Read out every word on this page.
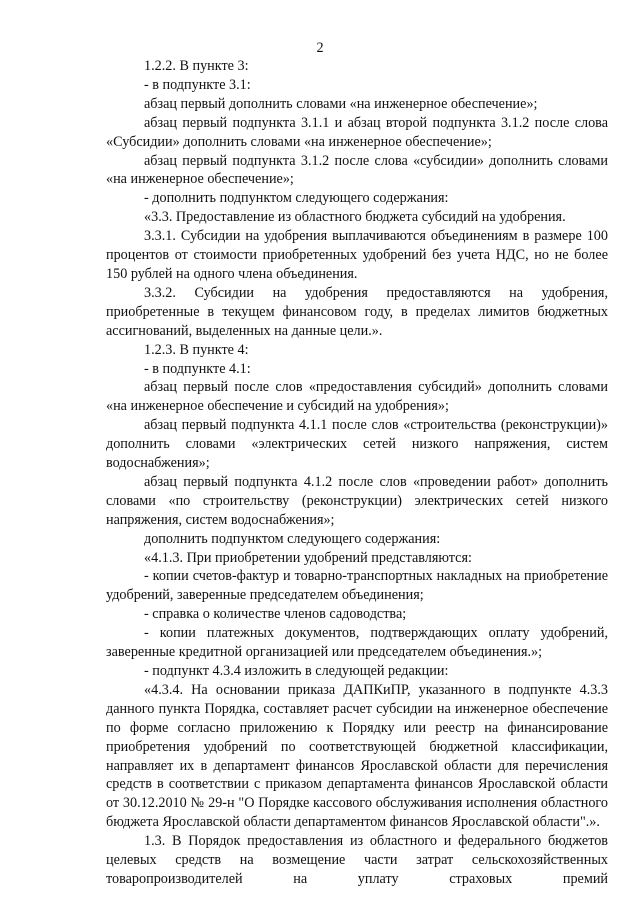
2

1.2.2. В пункте 3:

- в подпункте 3.1:

абзац первый дополнить словами «на инженерное обеспечение»;

абзац первый подпункта 3.1.1 и абзац второй подпункта 3.1.2 после слова «Субсидии» дополнить словами «на инженерное обеспечение»;

абзац первый подпункта 3.1.2 после слова «субсидии» дополнить словами «на инженерное обеспечение»;

- дополнить подпунктом следующего содержания:

«3.3. Предоставление из областного бюджета субсидий на удобрения.

3.3.1. Субсидии на удобрения выплачиваются объединениям в размере 100 процентов от стоимости приобретенных удобрений без учета НДС, но не более 150 рублей на одного члена объединения.

3.3.2. Субсидии на удобрения предоставляются на удобрения, приобретенные в текущем финансовом году, в пределах лимитов бюджетных ассигнований, выделенных на данные цели.».

1.2.3. В пункте 4:

- в подпункте 4.1:

абзац первый после слов «предоставления субсидий» дополнить словами «на инженерное обеспечение и субсидий на удобрения»;

абзац первый подпункта 4.1.1 после слов «строительства (реконструкции)» дополнить словами «электрических сетей низкого напряжения, систем водоснабжения»;

абзац первый подпункта 4.1.2 после слов «проведении работ» дополнить словами «по строительству (реконструкции) электрических сетей низкого напряжения, систем водоснабжения»;

дополнить подпунктом следующего содержания:

«4.1.3. При приобретении удобрений представляются:

- копии счетов-фактур и товарно-транспортных накладных на приобретение удобрений, заверенные председателем объединения;

- справка о количестве членов садоводства;

- копии платежных документов, подтверждающих оплату удобрений, заверенные кредитной организацией или председателем объединения.»;

- подпункт 4.3.4 изложить в следующей редакции:

«4.3.4. На основании приказа ДАПКиПР, указанного в подпункте 4.3.3 данного пункта Порядка, составляет расчет субсидии на инженерное обеспечение по форме согласно приложению к Порядку или реестр на финансирование приобретения удобрений по соответствующей бюджетной классификации, направляет их в департамент финансов Ярославской области для перечисления средств в соответствии с приказом департамента финансов Ярославской области от 30.12.2010 № 29-н "О Порядке кассового обслуживания исполнения областного бюджета Ярославской области департаментом финансов Ярославской области".».

1.3. В Порядок предоставления из областного и федерального бюджетов целевых средств на возмещение части затрат сельскохозяйственных товаропроизводителей на уплату страховых премий
